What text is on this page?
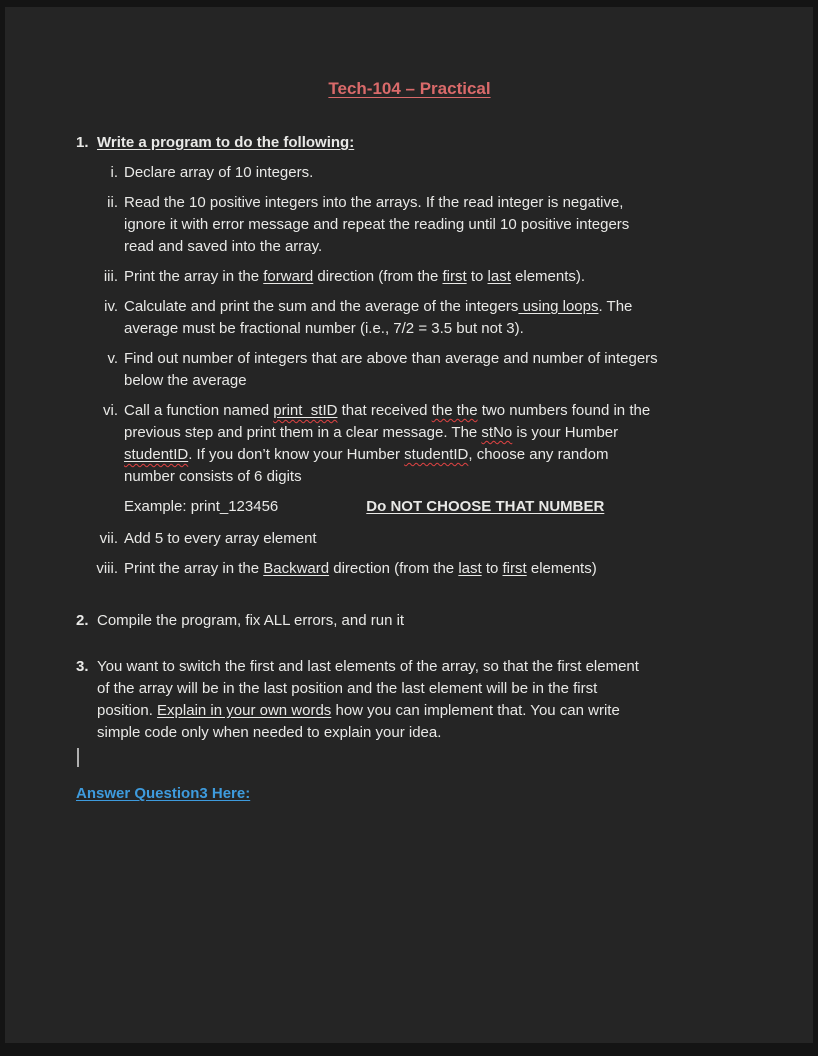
Tech-104 – Practical
1. Write a program to do the following:
i. Declare array of 10 integers.
ii. Read the 10 positive integers into the arrays. If the read integer is negative,
ignore it with error message and repeat the reading until 10 positive integers
read and saved into the array.
iii. Print the array in the forward direction (from the first to last elements).
iv. Calculate and print the sum and the average of the integers using loops. The
average must be fractional number (i.e., 7/2 = 3.5 but not 3).
v. Find out number of integers that are above than average and number of integers
below the average
vi. Call a function named print_stID that received the the two numbers found in the
previous step and print them in a clear message. The stNo is your Humber
studentID. If you don’t know your Humber studentID, choose any random
number consists of 6 digits
Example: print_123456	Do NOT CHOOSE THAT NUMBER
vii. Add 5 to every array element
viii. Print the array in the Backward direction (from the last to first elements)
2. Compile the program, fix ALL errors, and run it
3. You want to switch the first and last elements of the array, so that the first element
of the array will be in the last position and the last element will be in the first
position. Explain in your own words how you can implement that. You can write
simple code only when needed to explain your idea.
Answer Question3 Here:
